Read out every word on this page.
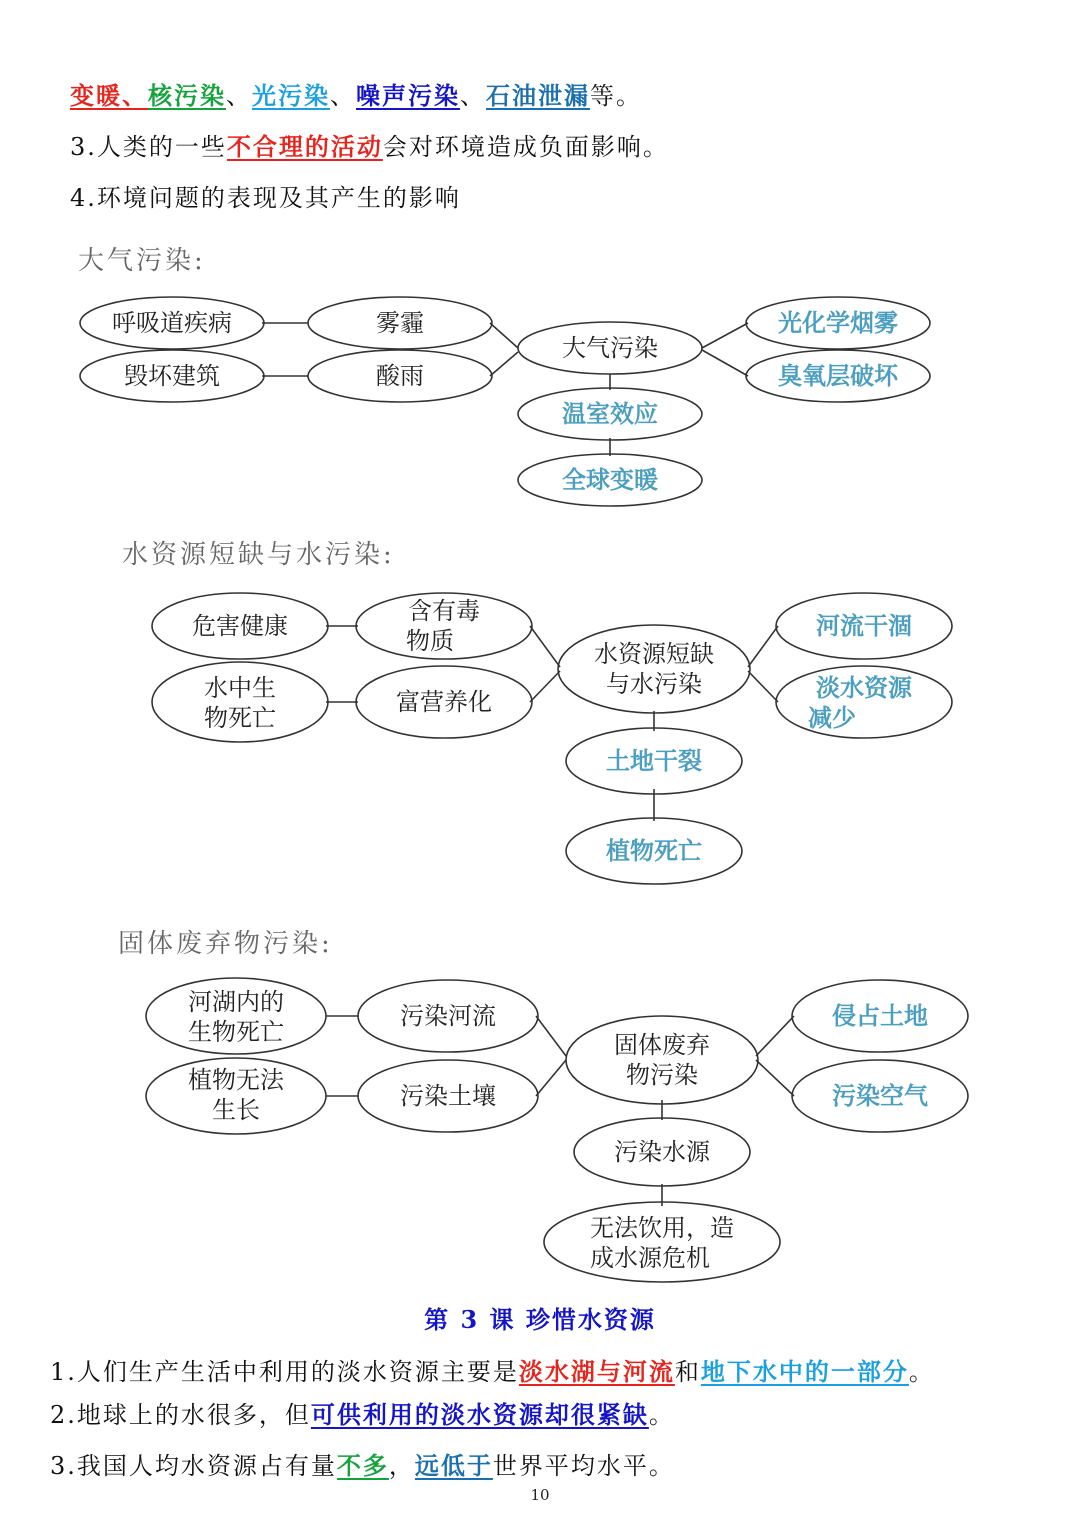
变暖、核污染、光污染、噪声污染、石油泄漏等。
3.人类的一些不合理的活动会对环境造成负面影响。
4.环境问题的表现及其产生的影响
大气污染:
呼吸道疾病
毁坏建筑
雾霾
酸雨
大气污染
光化学烟雾
臭氧层破坏
温室效应
全球变暖
水资源短缺与水污染:
危害健康
水中生
物死亡
含有毒
物质
富营养化
水资源短缺
与水污染
河流干涸
淡水资源
减少
土地干裂
植物死亡
固体废弃物污染:
河湖内的
生物死亡
植物无法
生长
污染河流
污染土壤
固体废弃
物污染
侵占土地
污染空气
污染水源
无法饮用，造
成水源危机
第 3 课 珍惜水资源
1.人们生产生活中利用的淡水资源主要是淡水湖与河流和地下水中的一部分。
2.地球上的水很多，但可供利用的淡水资源却很紧缺。
3.我国人均水资源占有量不多，远低于世界平均水平。
10
